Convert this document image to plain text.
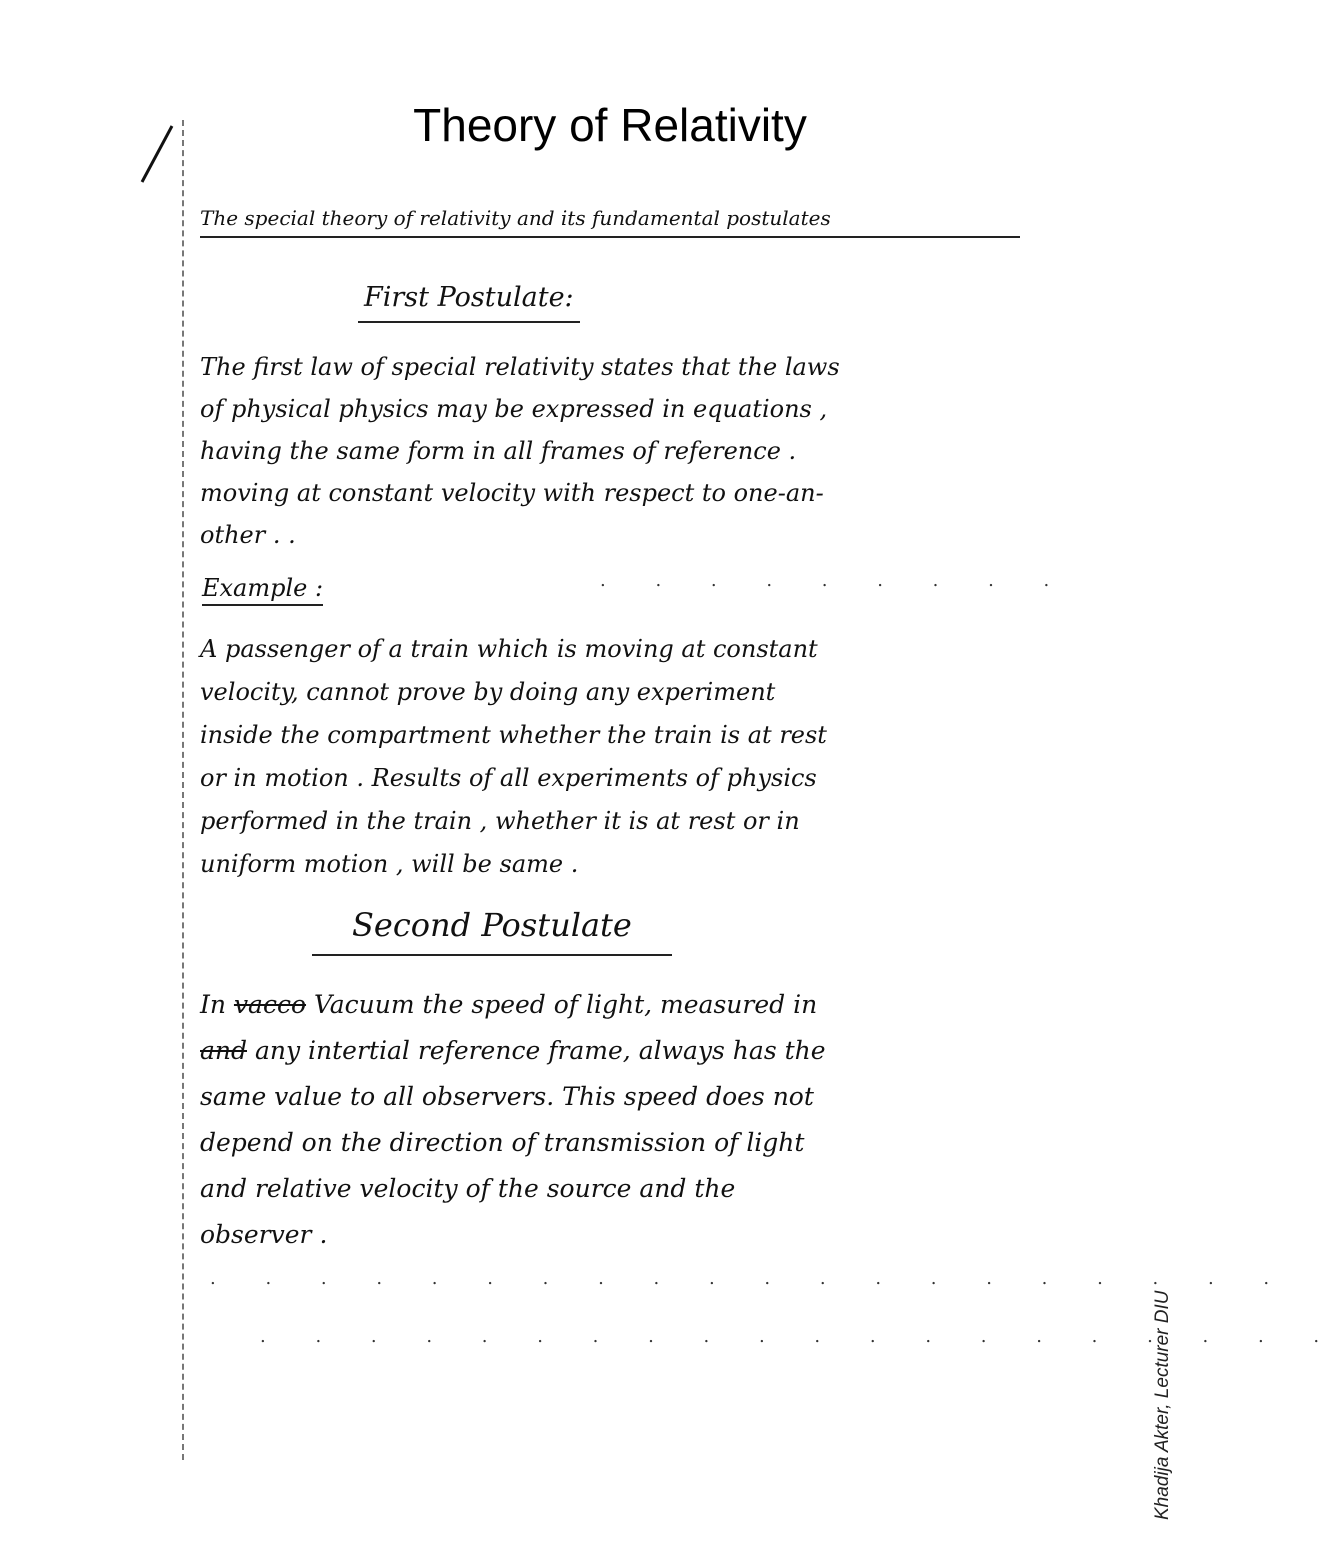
Theory of Relativity
The special theory of relativity and its fundamental postulates
First Postulate:
The first law of special relativity states that the laws
of physical physics may be expressed in equations ,
having the same form in all frames of reference .
moving at constant velocity with respect to one-an-
other . .
Example :
A passenger of a train which is moving at constant
velocity, cannot prove by doing any experiment
inside the compartment whether the train is at rest
or in motion . Results of all experiments of physics
performed in the train , whether it is at rest or in
uniform motion , will be same .
Second Postulate
In vacco Vacuum the speed of light, measured in
and any intertial reference frame, always has the
same value to all observers. This speed does not
depend on the direction of transmission of light
and relative velocity of the source and the
observer .
. . . . . . . . . . . . . . . . . . . .
. . . . . . . . . . . . . . . . . . . .
. . . . . . . . .
Khadija Akter, Lecturer DIU
